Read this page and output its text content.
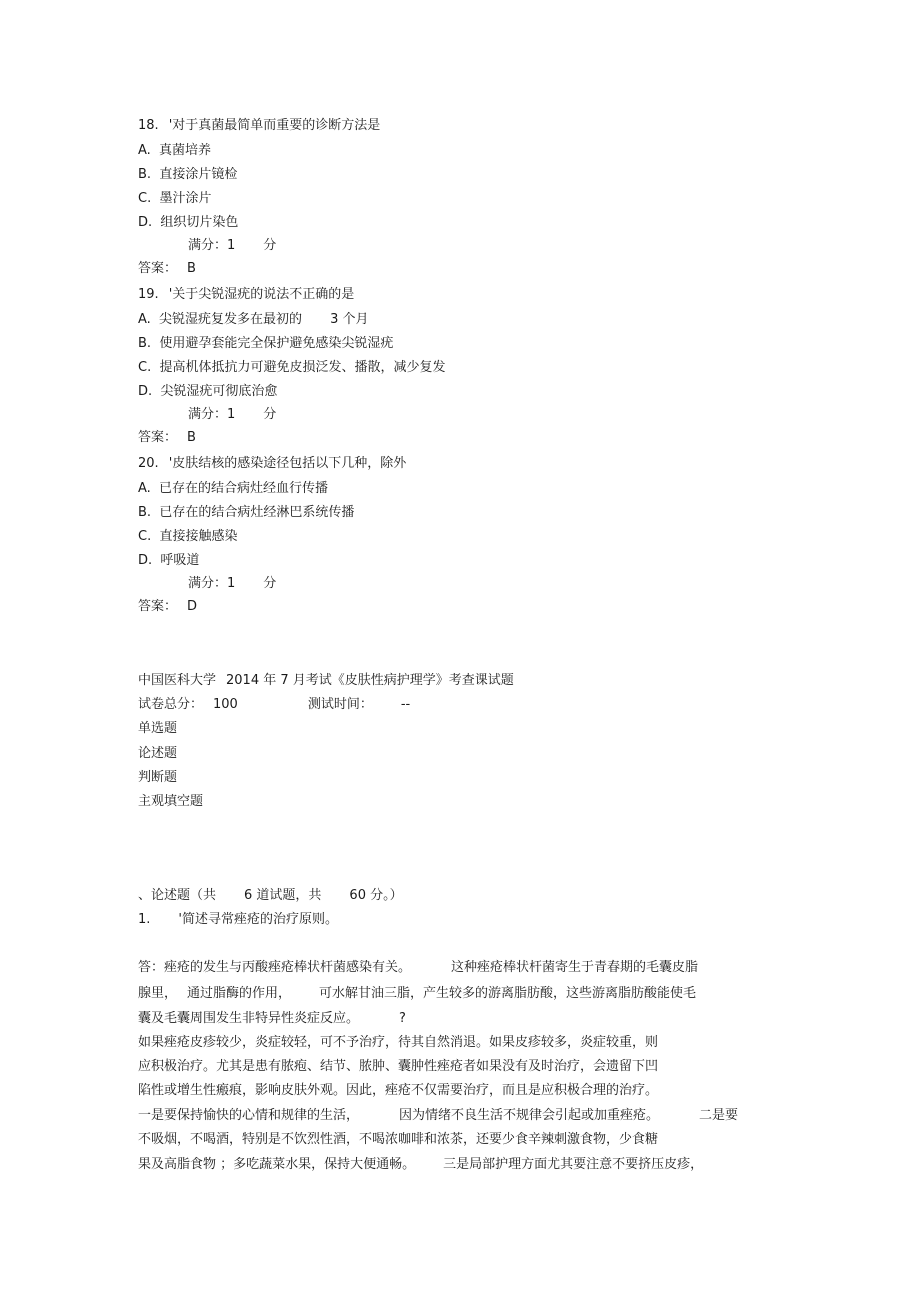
18. '对于真菌最简单而重要的诊断方法是
A.  真菌培养
B.  直接涂片镜检
C.  墨汁涂片
D.  组织切片染色
满分：1 分
答案： B
19. '关于尖锐湿疣的说法不正确的是
A.  尖锐湿疣复发多在最初的 3 个月
B.  使用避孕套能完全保护避免感染尖锐湿疣
C.  提高机体抵抗力可避免皮损泛发、播散，减少复发
D.  尖锐湿疣可彻底治愈
满分：1 分
答案： B
20. '皮肤结核的感染途径包括以下几种，除外
A.  已存在的结合病灶经血行传播
B.  已存在的结合病灶经淋巴系统传播
C.  直接接触感染
D.  呼吸道
满分：1 分
答案： D
中国医科大学 2014 年 7 月考试《皮肤性病护理学》考查课试题
试卷总分： 100	测试时间： --
单选题
论述题
判断题
主观填空题
、论述题（共 6 道试题，共 60 分。）
1. '简述寻常痤疮的治疗原则。
答：痤疮的发生与丙酸痤疮棒状杆菌感染有关。	这种痤疮棒状杆菌寄生于青春期的毛囊皮脂
腺里， 通过脂酶的作用， 可水解甘油三脂，产生较多的游离脂肪酸，这些游离脂肪酸能使毛
囊及毛囊周围发生非特异性炎症反应。	?
如果痤疮皮疹较少，炎症较轻，可不予治疗，待其自然消退。如果皮疹较多，炎症较重，则
应积极治疗。尤其是患有脓疱、结节、脓肿、囊肿性痤疮者如果没有及时治疗，会遗留下凹
陷性或增生性瘢痕，影响皮肤外观。因此，痤疮不仅需要治疗，而且是应积极合理的治疗。
一是要保持愉快的心情和规律的生活，	因为情绪不良生活不规律会引起或加重痤疮。	二是要
不吸烟，不喝酒，特别是不饮烈性酒，不喝浓咖啡和浓茶，还要少食辛辣刺激食物，少食糖
果及高脂食物 ；多吃蔬菜水果，保持大便通畅。 三是局部护理方面尤其要注意不要挤压皮疹，
